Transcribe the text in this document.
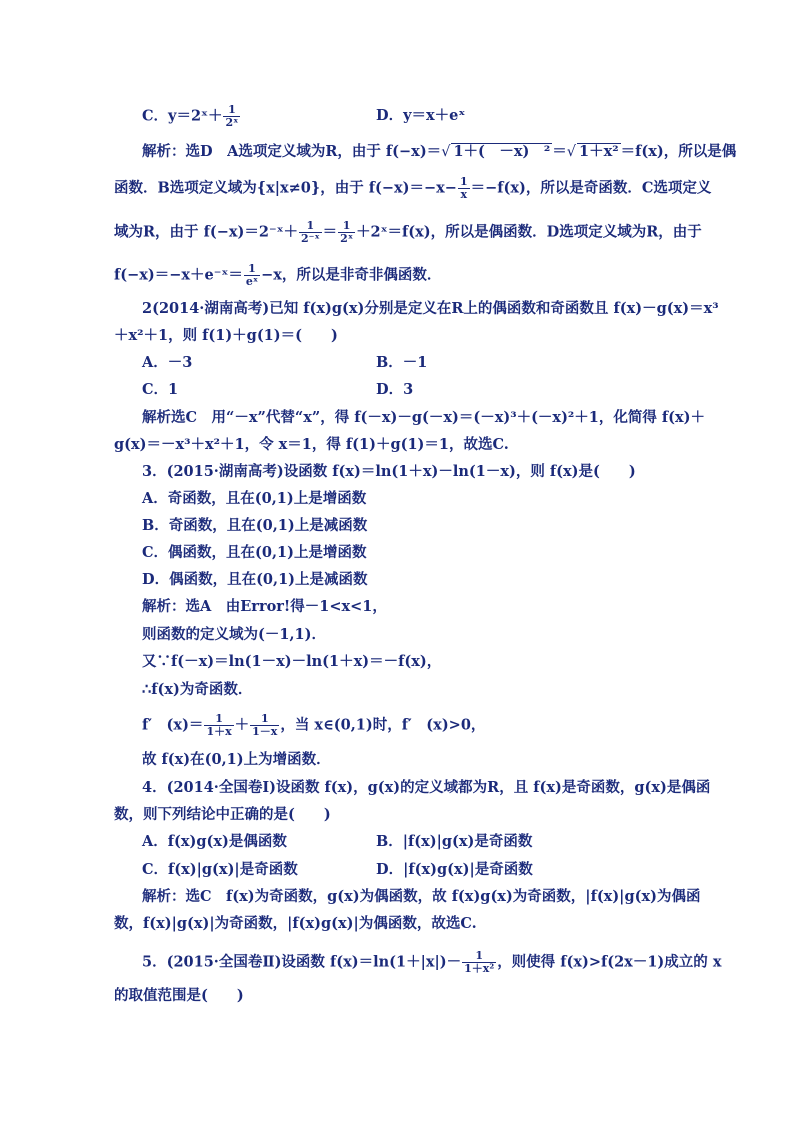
C．y＝2ˣ＋ $\frac{1}{\text{2ˣ}}$	D．y＝x＋eˣ
解析：选D　A选项定义域为R，由于 f(−x)＝√ 1＋(　－x)　² ＝√ 1＋x² ＝f(x)，所以是偶
函数．B选项定义域为{x|x≠0}，由于 $f(-x)=-x- \frac{1}{x} =-f(x)$，所以是奇函数．C选项定义
域为R，由于 f(−x)＝2⁻ˣ＋ $\frac{1}{\text{2⁻ˣ}} = \frac{1}{\text{2ˣ}}$ ＋2ˣ＝f(x)，所以是偶函数．D选项定义域为R，由于
f(−x)＝−x＋e⁻ˣ＝ $\frac{1}{\text{eˣ}} -x$，所以是非奇非偶函数．
2(2014·湖南高考)已知 f(x)g(x)分别是定义在R上的偶函数和奇函数且 f(x)－g(x)＝x³
＋x²＋1，则 f(1)＋g(1)＝(　　)
A．－3	B．－1
C．1	D．3
解析选C　用“－x”代替“x”，得 f(－x)－g(－x)＝(－x)³＋(－x)²＋1，化简得 f(x)＋
g(x)＝－x³＋x²＋1，令 x＝1，得 f(1)＋g(1)＝1，故选C.
3．(2015·湖南高考)设函数 f(x)＝ln(1＋x)－ln(1－x)，则 f(x)是(　　)
A．奇函数，且在(0,1)上是增函数
B．奇函数，且在(0,1)上是减函数
C．偶函数，且在(0,1)上是增函数
D．偶函数，且在(0,1)上是减函数
解析：选A　由Error!得－1<x<1，
则函数的定义域为(－1,1)．
又∵f(－x)＝ln(1－x)－ln(1＋x)＝－f(x)，
∴f(x)为奇函数．
f′　$(x)= \frac{1}{1+x} + \frac{1}{1-x}$ ，当 x∈(0,1)时，f′　(x)>0，
故 f(x)在(0,1)上为增函数．
4．(2014·全国卷Ⅰ)设函数 f(x)，g(x)的定义域都为R，且 f(x)是奇函数，g(x)是偶函
数，则下列结论中正确的是(　　)
A．f(x)g(x)是偶函数	B．|f(x)|g(x)是奇函数
C．f(x)|g(x)|是奇函数	D．|f(x)g(x)|是奇函数
解析：选C　f(x)为奇函数，g(x)为偶函数，故 f(x)g(x)为奇函数，|f(x)|g(x)为偶函
数，f(x)|g(x)|为奇函数，|f(x)g(x)|为偶函数，故选C.
5．(2015·全国卷Ⅱ)设函数 $f(x)=\ln(1+|x|)- \frac{1}{\text{1＋x²}}$ ，则使得 f(x)>f(2x－1)成立的 x
的取值范围是(　　)
